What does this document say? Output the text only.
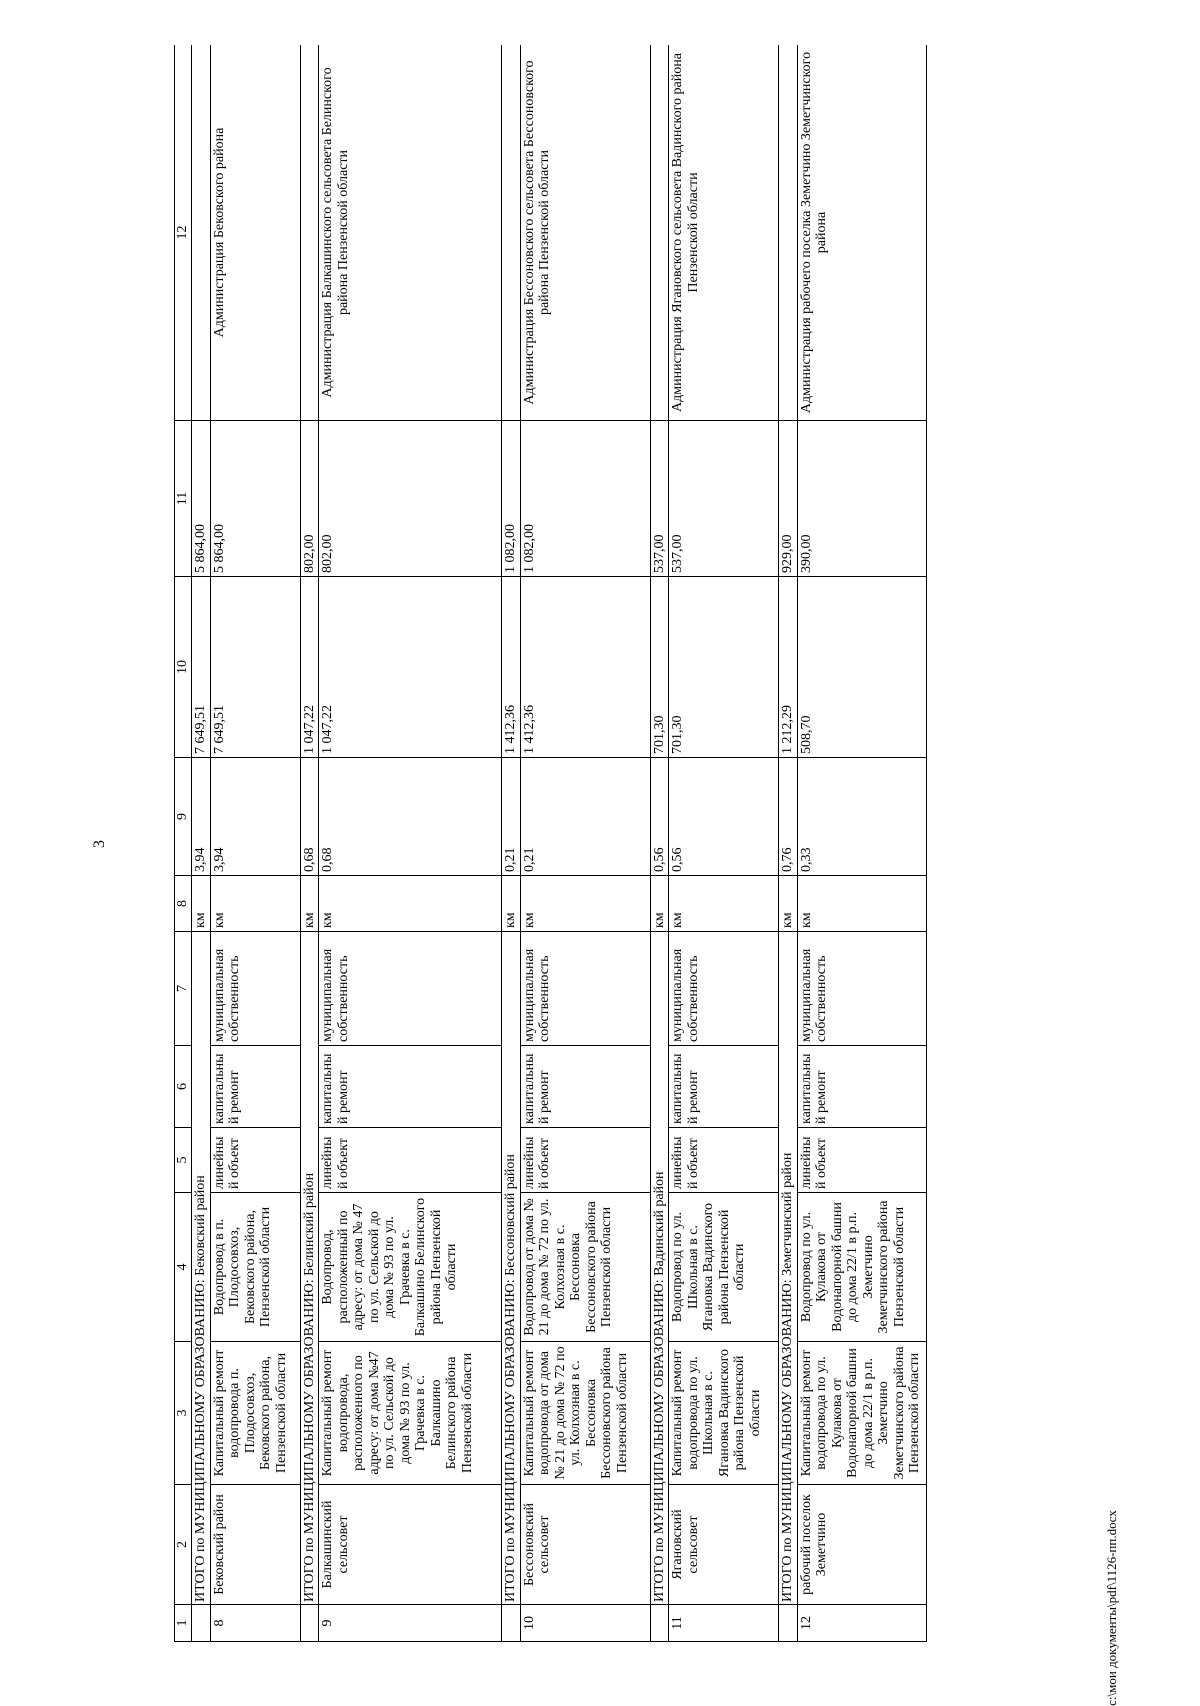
3
1	2	3	4	5	6	7	8	9	10	11	12
	ИТОГО по МУНИЦИПАЛЬНОМУ ОБРАЗОВАНИЮ: Бековский район						км	3,94	7 649,51	5 864,00	
8	Бековский район	Капитальный ремонт водопровода п. Плодосовхоз, Бековского района, Пензенской области	Водопровод в п. Плодосовхоз, Бековского района, Пензенской области	линейный объект	капитальный ремонт	муниципальная собственность	км	3,94	7 649,51	5 864,00	Администрация Бековского района
	ИТОГО по МУНИЦИПАЛЬНОМУ ОБРАЗОВАНИЮ: Белинский район						км	0,68	1 047,22	802,00	
9	Балкашинский сельсовет	Капитальный ремонт водопровода, расположенного по адресу: от дома №47 по ул. Сельской до дома № 93 по ул. Грачевка в с. Балкашино Белинского района Пензенской области	Водопровод, расположенный по адресу: от дома № 47 по ул. Сельской до дома № 93 по ул. Грачевка в с. Балкашино Белинского района Пензенской области	линейный объект	капитальный ремонт	муниципальная собственность	км	0,68	1 047,22	802,00	Администрация Балкашинского сельсовета Белинского района Пензенской области
	ИТОГО по МУНИЦИПАЛЬНОМУ ОБРАЗОВАНИЮ: Бессоновский район						км	0,21	1 412,36	1 082,00	
10	Бессоновский сельсовет	Капитальный ремонт водопровода от дома № 21 до дома № 72 по ул. Колхозная в с. Бессоновка Бессоновского района Пензенской области	Водопровод от дома № 21 до дома № 72 по ул. Колхозная в с. Бессоновка Бессоновского района Пензенской области	линейный объект	капитальный ремонт	муниципальная собственность	км	0,21	1 412,36	1 082,00	Администрация Бессоновского сельсовета Бессоновского района Пензенской области
	ИТОГО по МУНИЦИПАЛЬНОМУ ОБРАЗОВАНИЮ: Вадинский район						км	0,56	701,30	537,00	
11	Ягановский сельсовет	Капитальный ремонт водопровода по ул. Школьная в с. Ягановка Вадинского района Пензенской области	Водопровод по ул. Школьная в с. Ягановка Вадинского района Пензенской области	линейный объект	капитальный ремонт	муниципальная собственность	км	0,56	701,30	537,00	Администрация Ягановского сельсовета Вадинского района Пензенской области
	ИТОГО по МУНИЦИПАЛЬНОМУ ОБРАЗОВАНИЮ: Земетчинский район						км	0,76	1 212,29	929,00	
12	рабочий поселок Земетчино	Капитальный ремонт водопровода по ул. Кулакова от Водонапорной башни до дома 22/1 в р.п. Земетчино Земетчинского района Пензенской области	Водопровод по ул. Кулакова от Водонапорной башни до дома 22/1 в р.п. Земетчино Земетчинского района Пензенской области	линейный объект	капитальный ремонт	муниципальная собственность	км	0,33	508,70	390,00	Администрация рабочего поселка Земетчино Земетчинского района
c:\мои документы\pdf\1126-пп.docx
